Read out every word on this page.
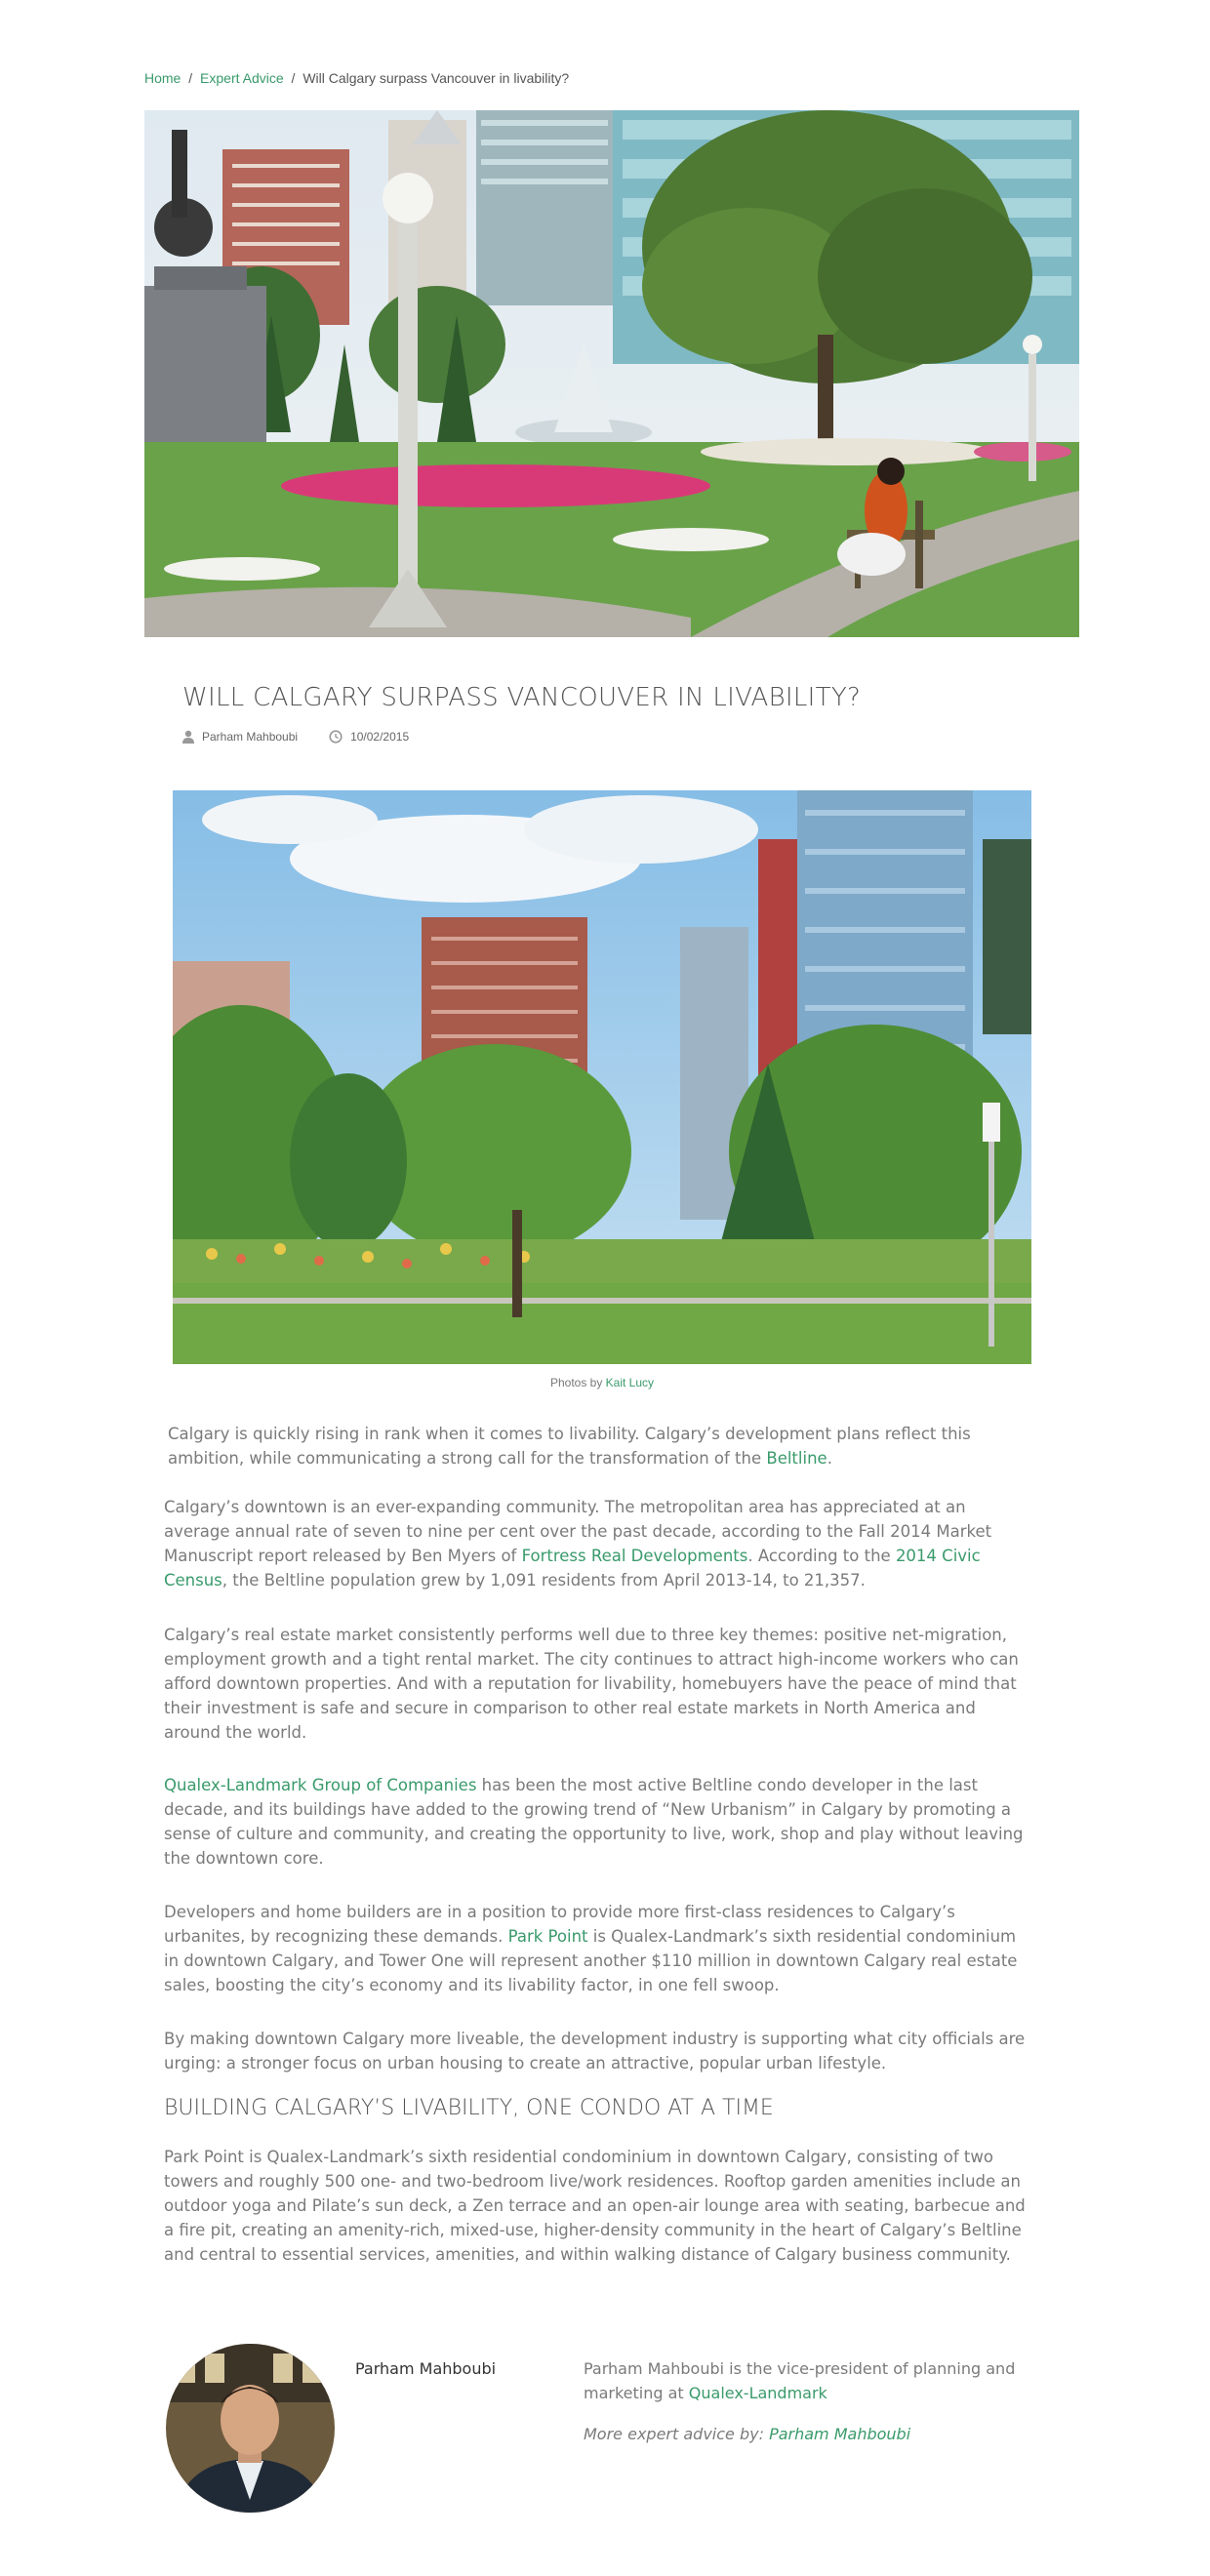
Home / Expert Advice / Will Calgary surpass Vancouver in livability?
WILL CALGARY SURPASS VANCOUVER IN LIVABILITY?
Parham Mahboubi	10/02/2015
Photos by Kait Lucy

Calgary is quickly rising in rank when it comes to livability. Calgary’s development plans reflect this ambition, while communicating a strong call for the transformation of the Beltline.

Calgary’s downtown is an ever-expanding community. The metropolitan area has appreciated at an average annual rate of seven to nine per cent over the past decade, according to the Fall 2014 Market Manuscript report released by Ben Myers of Fortress Real Developments. According to the 2014 Civic Census, the Beltline population grew by 1,091 residents from April 2013-14, to 21,357.

Calgary’s real estate market consistently performs well due to three key themes: positive net-migration, employment growth and a tight rental market. The city continues to attract high-income workers who can afford downtown properties. And with a reputation for livability, homebuyers have the peace of mind that their investment is safe and secure in comparison to other real estate markets in North America and around the world.

Qualex-Landmark Group of Companies has been the most active Beltline condo developer in the last decade, and its buildings have added to the growing trend of “New Urbanism” in Calgary by promoting a sense of culture and community, and creating the opportunity to live, work, shop and play without leaving the downtown core.

Developers and home builders are in a position to provide more first-class residences to Calgary’s urbanites, by recognizing these demands. Park Point is Qualex-Landmark’s sixth residential condominium in downtown Calgary, and Tower One will represent another $110 million in downtown Calgary real estate sales, boosting the city’s economy and its livability factor, in one fell swoop.

By making downtown Calgary more liveable, the development industry is supporting what city officials are urging: a stronger focus on urban housing to create an attractive, popular urban lifestyle.

BUILDING CALGARY’S LIVABILITY, ONE CONDO AT A TIME

Park Point is Qualex-Landmark’s sixth residential condominium in downtown Calgary, consisting of two towers and roughly 500 one- and two-bedroom live/work residences. Rooftop garden amenities include an outdoor yoga and Pilate’s sun deck, a Zen terrace and an open-air lounge area with seating, barbecue and a fire pit, creating an amenity-rich, mixed-use, higher-density community in the heart of Calgary’s Beltline and central to essential services, amenities, and within walking distance of Calgary business community.

Parham Mahboubi	Parham Mahboubi is the vice-president of planning and marketing at Qualex-Landmark

More expert advice by: Parham Mahboubi
